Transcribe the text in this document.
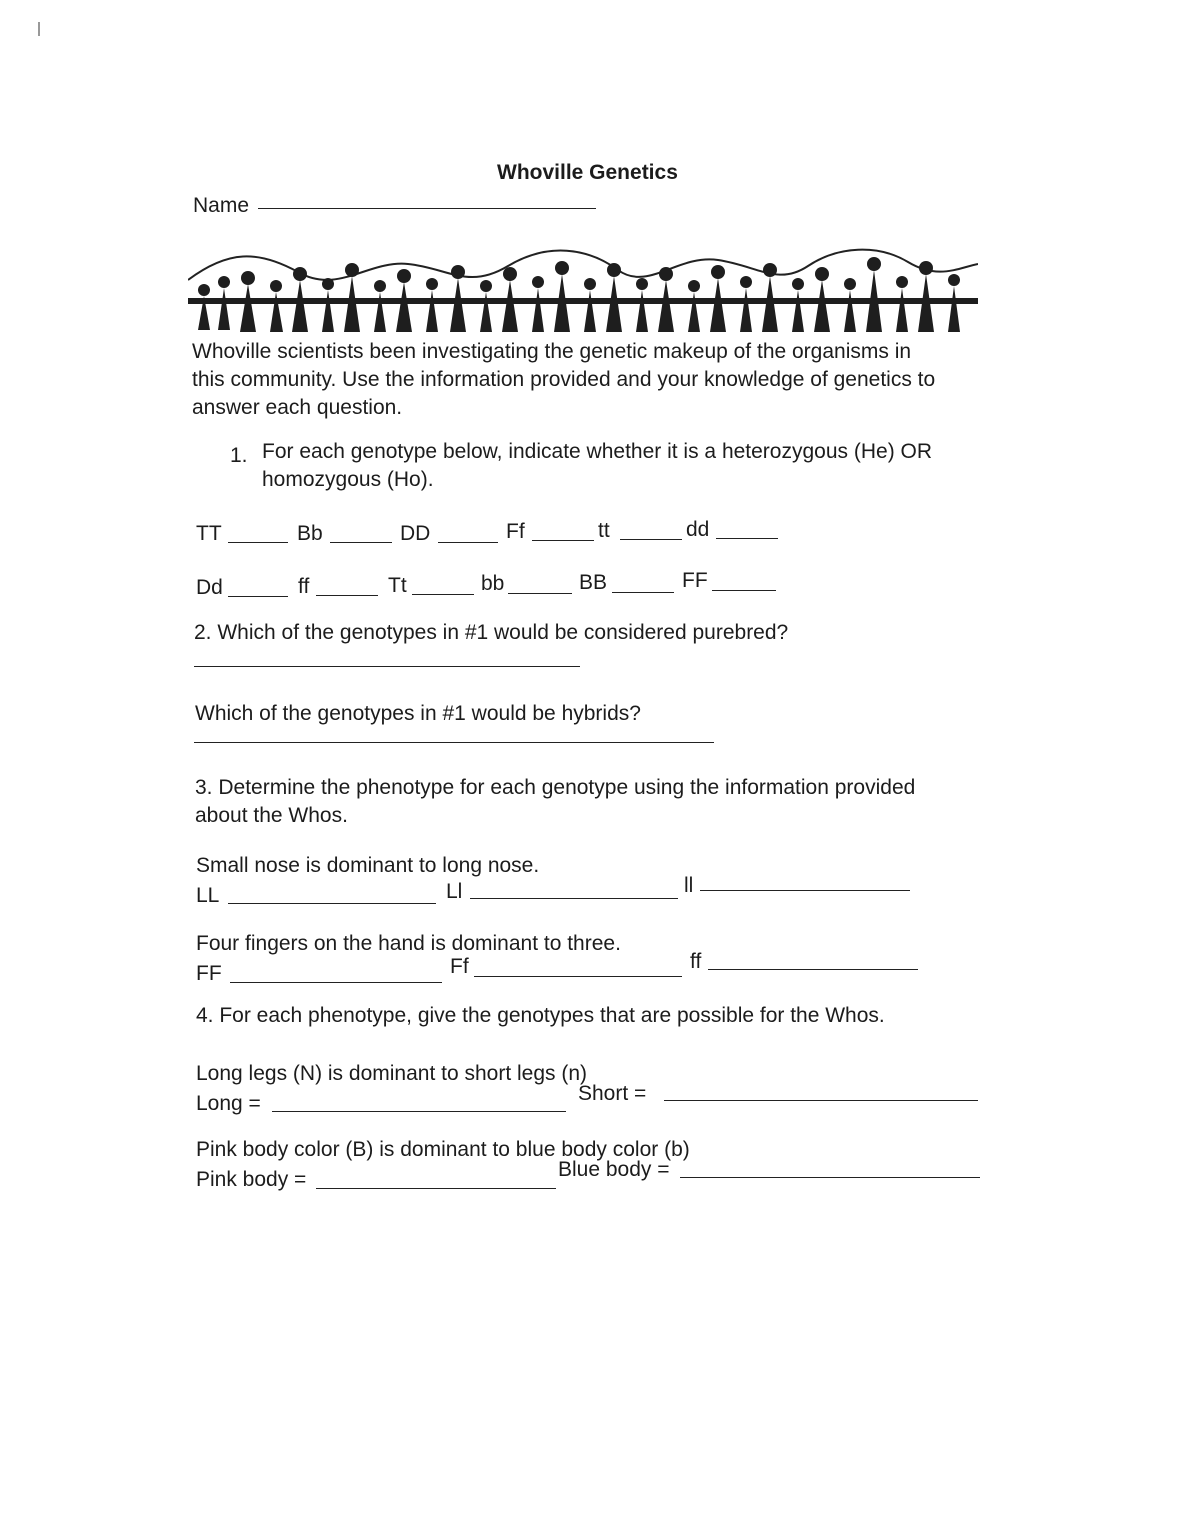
Whoville Genetics
Name
Whoville scientists been investigating the genetic makeup of the organisms in
this community. Use the information provided and your knowledge of genetics to
answer each question.
1. For each genotype below, indicate whether it is a heterozygous (He) OR
homozygous (Ho).
TT	Bb	DD	Ff	tt	dd
Dd	ff	Tt	bb	BB	FF
2. Which of the genotypes in #1 would be considered purebred?
Which of the genotypes in #1 would be hybrids?
3. Determine the phenotype for each genotype using the information provided
about the Whos.
Small nose is dominant to long nose.
LL	Ll	ll
Four fingers on the hand is dominant to three.
FF	Ff	ff
4. For each phenotype, give the genotypes that are possible for the Whos.
Long legs (N) is dominant to short legs (n)
Long =	Short =
Pink body color (B) is dominant to blue body color (b)
Pink body =	Blue body =
